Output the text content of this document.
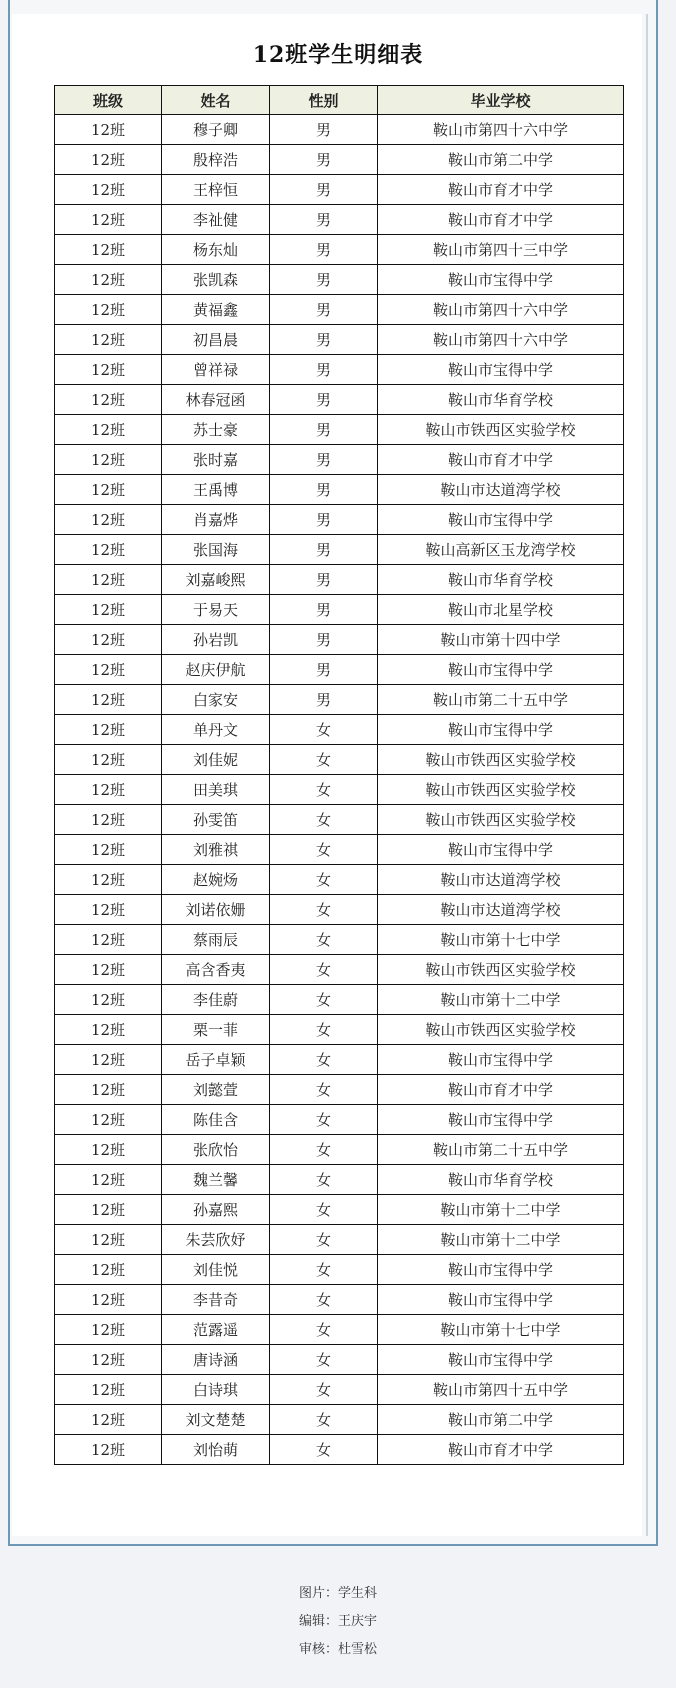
12班学生明细表
班级	姓名	性别	毕业学校
12班	穆子卿	男	鞍山市第四十六中学
12班	殷梓浩	男	鞍山市第二中学
12班	王梓恒	男	鞍山市育才中学
12班	李祉健	男	鞍山市育才中学
12班	杨东灿	男	鞍山市第四十三中学
12班	张凯森	男	鞍山市宝得中学
12班	黄福鑫	男	鞍山市第四十六中学
12班	初昌晨	男	鞍山市第四十六中学
12班	曾祥禄	男	鞍山市宝得中学
12班	林春冠函	男	鞍山市华育学校
12班	苏士豪	男	鞍山市铁西区实验学校
12班	张时嘉	男	鞍山市育才中学
12班	王禹博	男	鞍山市达道湾学校
12班	肖嘉烨	男	鞍山市宝得中学
12班	张国海	男	鞍山高新区玉龙湾学校
12班	刘嘉峻熙	男	鞍山市华育学校
12班	于易天	男	鞍山市北星学校
12班	孙岩凯	男	鞍山市第十四中学
12班	赵庆伊航	男	鞍山市宝得中学
12班	白家安	男	鞍山市第二十五中学
12班	单丹文	女	鞍山市宝得中学
12班	刘佳妮	女	鞍山市铁西区实验学校
12班	田美琪	女	鞍山市铁西区实验学校
12班	孙雯笛	女	鞍山市铁西区实验学校
12班	刘雅祺	女	鞍山市宝得中学
12班	赵婉炀	女	鞍山市达道湾学校
12班	刘诺依姗	女	鞍山市达道湾学校
12班	蔡雨辰	女	鞍山市第十七中学
12班	高含香夷	女	鞍山市铁西区实验学校
12班	李佳蔚	女	鞍山市第十二中学
12班	栗一菲	女	鞍山市铁西区实验学校
12班	岳子卓颖	女	鞍山市宝得中学
12班	刘懿萱	女	鞍山市育才中学
12班	陈佳含	女	鞍山市宝得中学
12班	张欣怡	女	鞍山市第二十五中学
12班	魏兰馨	女	鞍山市华育学校
12班	孙嘉熙	女	鞍山市第十二中学
12班	朱芸欣妤	女	鞍山市第十二中学
12班	刘佳悦	女	鞍山市宝得中学
12班	李昔奇	女	鞍山市宝得中学
12班	范露遥	女	鞍山市第十七中学
12班	唐诗涵	女	鞍山市宝得中学
12班	白诗琪	女	鞍山市第四十五中学
12班	刘文楚楚	女	鞍山市第二中学
12班	刘怡萌	女	鞍山市育才中学
图片：学生科
编辑：王庆宇
审核：杜雪松
